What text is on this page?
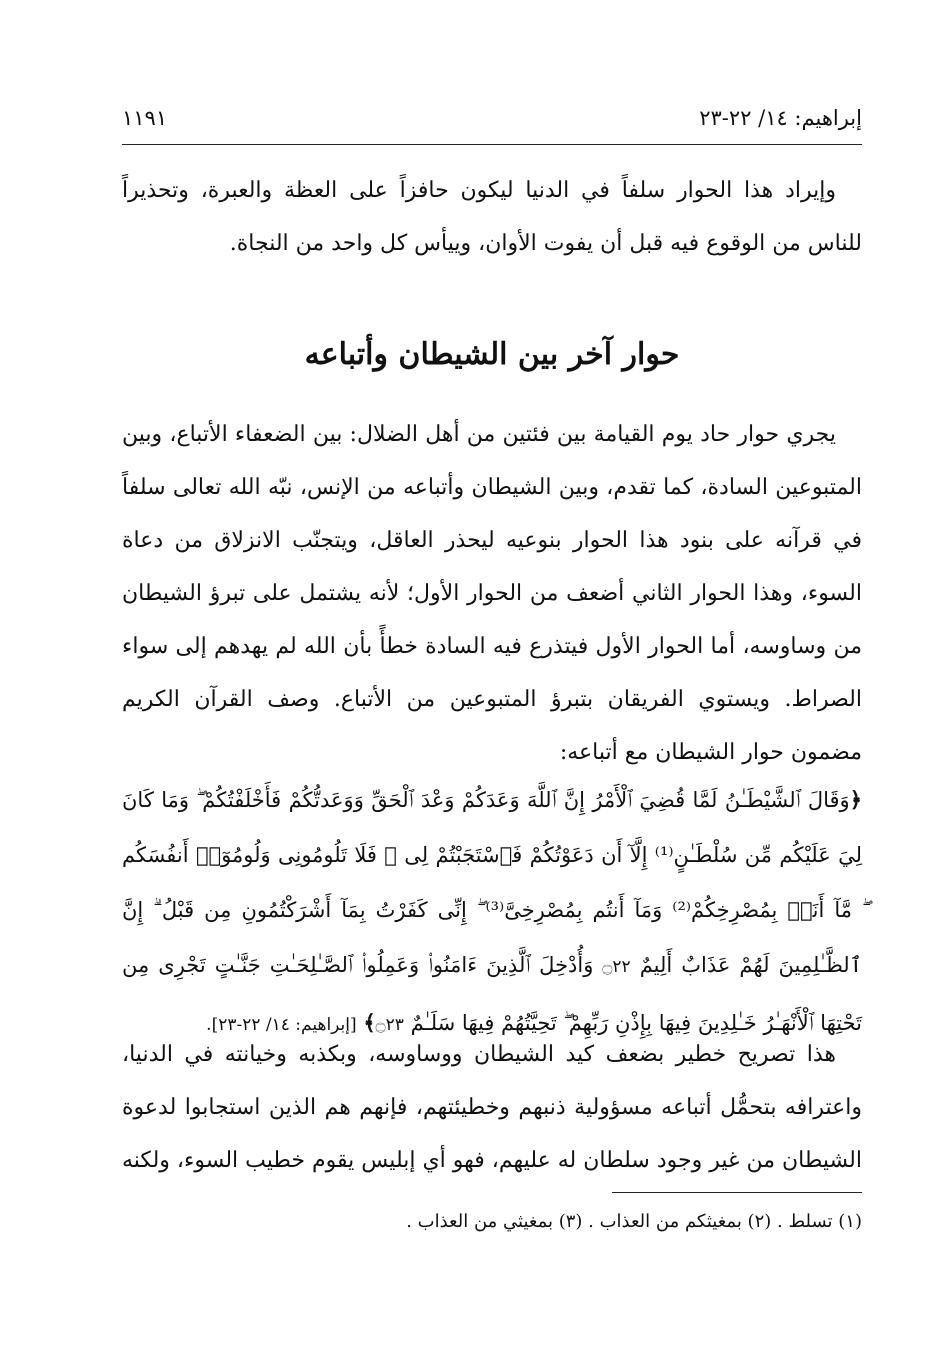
إبراهيم: ١٤/ ٢٢-٢٣
١١٩١

وإيراد هذا الحوار سلفاً في الدنيا ليكون حافزاً على العظة والعبرة، وتحذيراً للناس من الوقوع فيه قبل أن يفوت الأوان، وييأس كل واحد من النجاة.

حوار آخر بين الشيطان وأتباعه

يجري حوار حاد يوم القيامة بين فئتين من أهل الضلال: بين الضعفاء الأتباع، وبين المتبوعين السادة، كما تقدم، وبين الشيطان وأتباعه من الإنس، نبّه الله تعالى سلفاً في قرآنه على بنود هذا الحوار بنوعيه ليحذر العاقل، ويتجنّب الانزلاق من دعاة السوء، وهذا الحوار الثاني أضعف من الحوار الأول؛ لأنه يشتمل على تبرؤ الشيطان من وساوسه، أما الحوار الأول فيتذرع فيه السادة خطأً بأن الله لم يهدهم إلى سواء الصراط. ويستوي الفريقان بتبرؤ المتبوعين من الأتباع. وصف القرآن الكريم مضمون حوار الشيطان مع أتباعه:

﴿وَقَالَ ٱلشَّيْطَـٰنُ لَمَّا قُضِيَ ٱلْأَمْرُ إِنَّ ٱللَّهَ وَعَدَكُمْ وَعْدَ ٱلْحَقِّ وَوَعَدتُّكُمْ فَأَخْلَفْتُكُمْ ۖ وَمَا كَانَ لِيَ عَلَيْكُم مِّن سُلْطَـٰنٍ⁽¹⁾ إِلَّآ أَن دَعَوْتُكُمْ فَٱسْتَجَبْتُمْ لِى ۖ فَلَا تَلُومُونِى وَلُومُوٓا۟ أَنفُسَكُم ۖ مَّآ أَنَا۠ بِمُصْرِخِكُمْ⁽²⁾ وَمَآ أَنتُم بِمُصْرِخِىَّ⁽³⁾ ۖ إِنِّى كَفَرْتُ بِمَآ أَشْرَكْتُمُونِ مِن قَبْلُ ۗ إِنَّ ٱلظَّـٰلِمِينَ لَهُمْ عَذَابٌ أَلِيمٌ ۝٢٢ وَأُدْخِلَ ٱلَّذِينَ ءَامَنُوا۟ وَعَمِلُوا۟ ٱلصَّـٰلِحَـٰتِ جَنَّـٰتٍ تَجْرِى مِن تَحْتِهَا ٱلْأَنْهَـٰرُ خَـٰلِدِينَ فِيهَا بِإِذْنِ رَبِّهِمْ ۖ تَحِيَّتُهُمْ فِيهَا سَلَـٰمٌ ۝٢٣﴾ [إبراهيم: ١٤/ ٢٢-٢٣].

هذا تصريح خطير بضعف كيد الشيطان ووساوسه، وبكذبه وخيانته في الدنيا، واعترافه بتحمُّل أتباعه مسؤولية ذنبهم وخطيئتهم، فإنهم هم الذين استجابوا لدعوة الشيطان من غير وجود سلطان له عليهم، فهو أي إبليس يقوم خطيب السوء، ولكنه

(١) تسلط . (٢) بمغيثكم من العذاب . (٣) بمغيثي من العذاب .
